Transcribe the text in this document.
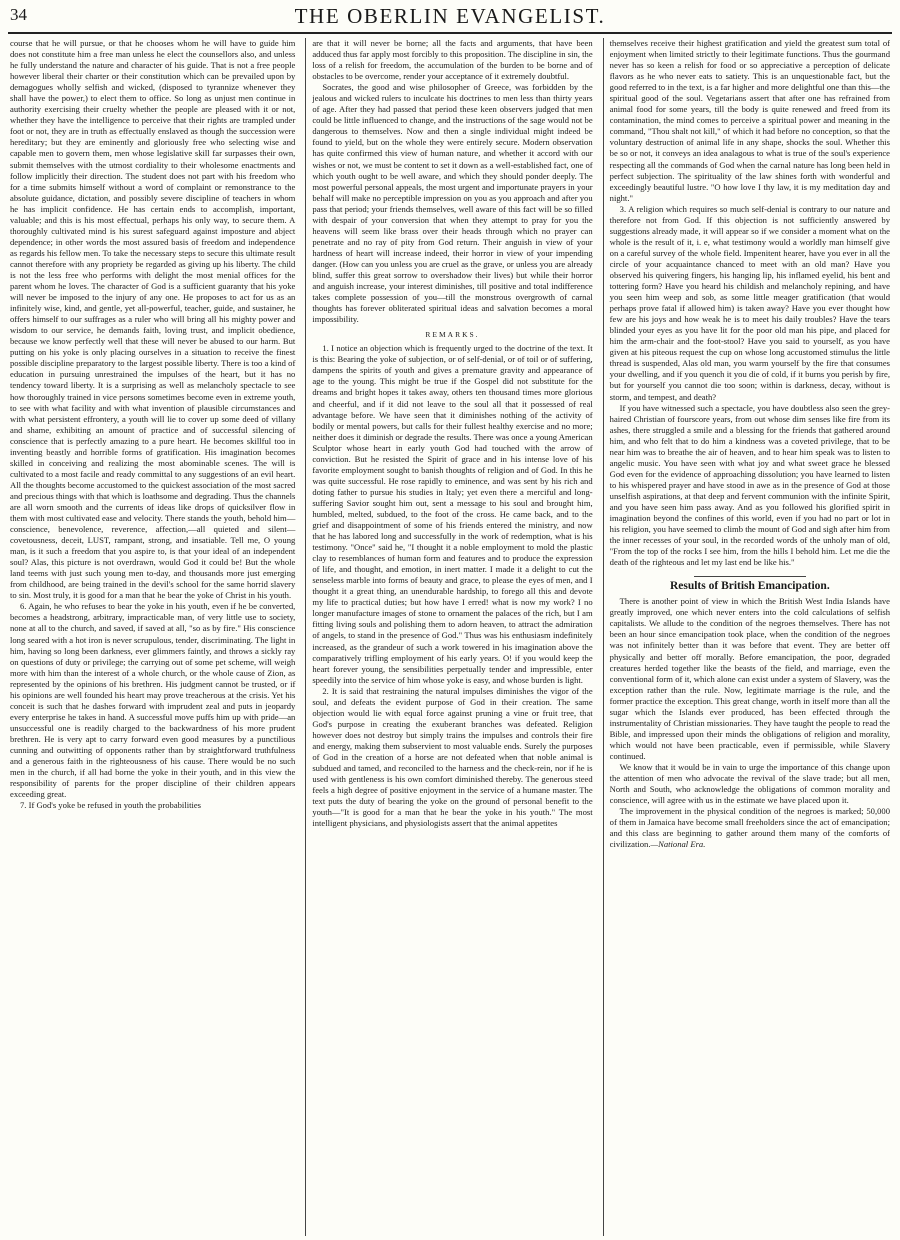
34	THE OBERLIN EVANGELIST.

course that he will pursue, or that he chooses whom he will have to guide him does not constitute him a free man unless he elect the counsellors also, and unless he fully understand the nature and character of his guide. That is not a free people however liberal their charter or their constitution which can be prevailed upon by demagogues wholly selfish and wicked, (disposed to tyrannize whenever they shall have the power,) to elect them to office. So long as unjust men continue in authority exercising their cruelty whether the people are pleased with it or not, whether they have the intelligence to perceive that their rights are trampled under foot or not, they are in truth as effectually enslaved as though the succession were hereditary; but they are eminently and gloriously free who selecting wise and capable men to govern them, men whose legislative skill far surpasses their own, submit themselves with the utmost cordiality to their wholesome enactments and follow implicitly their direction. The student does not part with his freedom who for a time submits himself without a word of complaint or remonstrance to the absolute guidance, dictation, and possibly severe discipline of teachers in whom he has implicit confidence. He has certain ends to accomplish, important, valuable; and this is his most effectual, perhaps his only way, to secure them. A thoroughly cultivated mind is his surest safeguard against imposture and abject dependence; in other words the most assured basis of freedom and independence as regards his fellow men. To take the necessary steps to secure this ultimate result cannot therefore with any propriety be regarded as giving up his liberty. The child is not the less free who performs with delight the most menial offices for the parent whom he loves. The character of God is a sufficient guaranty that his yoke will never be imposed to the injury of any one. He proposes to act for us as an infinitely wise, kind, and gentle, yet all-powerful, teacher, guide, and sustainer, he offers himself to our suffrages as a ruler who will bring all his mighty power and wisdom to our service, he demands faith, loving trust, and implicit obedience, because we know perfectly well that these will never be abused to our harm. But putting on his yoke is only placing ourselves in a situation to receive the finest possible discipline preparatory to the largest possible liberty. There is too a kind of education in pursuing unrestrained the impulses of the heart, but it has no tendency toward liberty. It is a surprising as well as melancholy spectacle to see how thoroughly trained in vice persons sometimes become even in extreme youth, to see with what facility and with what invention of plausible circumstances and with what persistent effrontery, a youth will lie to cover up some deed of villany and shame, exhibiting an amount of practice and of successful silencing of conscience that is perfectly amazing to a pure heart. He becomes skillful too in inventing beastly and horrible forms of gratification. His imagination becomes skilled in conceiving and realizing the most abominable scenes. The will is cultivated to a most facile and ready committal to any suggestions of an evil heart. All the thoughts become accustomed to the quickest association of the most sacred and precious things with that which is loathsome and degrading. Thus the channels are all worn smooth and the currents of ideas like drops of quicksilver flow in them with most cultivated ease and velocity. There stands the youth, behold him—conscience, benevolence, reverence, affection,—all quieted and silent—covetousness, deceit, LUST, rampant, strong, and insatiable. Tell me, O young man, is it such a freedom that you aspire to, is that your ideal of an independent soul? Alas, this picture is not overdrawn, would God it could be! But the whole land teems with just such young men to-day, and thousands more just emerging from childhood, are being trained in the devil's school for the same horrid slavery to sin. Most truly, it is good for a man that he bear the yoke of Christ in his youth.

6. Again, he who refuses to bear the yoke in his youth, even if he be converted, becomes a headstrong, arbitrary, impracticable man, of very little use to society, none at all to the church, and saved, if saved at all, "so as by fire." His conscience long seared with a hot iron is never scrupulous, tender, discriminating. The light in him, having so long been darkness, ever glimmers faintly, and throws a sickly ray on questions of duty or privilege; the carrying out of some pet scheme, will weigh more with him than the interest of a whole church, or the whole cause of Zion, as represented by the opinions of his brethren. His judgment cannot be trusted, or if his opinions are well founded his heart may prove treacherous at the crisis. Yet his conceit is such that he dashes forward with imprudent zeal and puts in jeopardy every enterprise he takes in hand. A successful move puffs him up with pride—an unsuccessful one is readily charged to the backwardness of his more prudent brethren. He is very apt to carry forward even good measures by a punctilious cunning and outwitting of opponents rather than by straightforward truthfulness and a generous faith in the righteousness of his cause. There would be no such men in the church, if all had borne the yoke in their youth, and in this view the responsibility of parents for the proper discipline of their children appears exceeding great.

7. If God's yoke be refused in youth the probabilities

are that it will never be borne; all the facts and arguments, that have been adduced thus far apply most forcibly to this proposition. The discipline in sin, the loss of a relish for freedom, the accumulation of the burden to be borne and of obstacles to be overcome, render your acceptance of it extremely doubtful.

Socrates, the good and wise philosopher of Greece, was forbidden by the jealous and wicked rulers to inculcate his doctrines to men less than thirty years of age. After they had passed that period these keen observers judged that men could be little influenced to change, and the instructions of the sage would not be dangerous to themselves. Now and then a single individual might indeed be found to yield, but on the whole they were entirely secure. Modern observation has quite confirmed this view of human nature, and whether it accord with our wishes or not, we must be content to set it down as a well-established fact, one of which youth ought to be well aware, and which they should ponder deeply. The most powerful personal appeals, the most urgent and importunate prayers in your behalf will make no perceptible impression on you as you approach and after you pass that period; your friends themselves, well aware of this fact will be so filled with despair of your conversion that when they attempt to pray for you the heavens will seem like brass over their heads through which no prayer can penetrate and no ray of pity from God return. Their anguish in view of your hardness of heart will increase indeed, their horror in view of your impending danger. (How can you unless you are cruel as the grave, or unless you are already blind, suffer this great sorrow to overshadow their lives) but while their horror and anguish increase, your interest diminishes, till positive and total indifference takes complete possession of you—till the monstrous overgrowth of carnal thoughts has forever obliterated spiritual ideas and salvation becomes a moral impossibility.

REMARKS.

1. I notice an objection which is frequently urged to the doctrine of the text. It is this: Bearing the yoke of subjection, or of self-denial, or of toil or of suffering, dampens the spirits of youth and gives a premature gravity and appearance of age to the young. This might be true if the Gospel did not substitute for the dreams and bright hopes it takes away, others ten thousand times more glorious and cheerful, and if it did not leave to the soul all that it possessed of real advantage before. We have seen that it diminishes nothing of the activity of bodily or mental powers, but calls for their fullest healthy exercise and no more; neither does it diminish or degrade the results. There was once a young American Sculptor whose heart in early youth God had touched with the arrow of conviction. But he resisted the Spirit of grace and in his intense love of his favorite employment sought to banish thoughts of religion and of God. In this he was quite successful. He rose rapidly to eminence, and was sent by his rich and doting father to pursue his studies in Italy; yet even there a merciful and long-suffering Savior sought him out, sent a message to his soul and brought him, humbled, melted, subdued, to the foot of the cross. He came back, and to the grief and disappointment of some of his friends entered the ministry, and now that he has labored long and successfully in the work of redemption, what is his testimony. "Once" said he, "I thought it a noble employment to mold the plastic clay to resemblances of human form and features and to produce the expression of life, and thought, and emotion, in inert matter. I made it a delight to cut the senseless marble into forms of beauty and grace, to please the eyes of men, and I thought it a great thing, an unendurable hardship, to forego all this and devote my life to practical duties; but how have I erred! what is now my work? I no longer manufacture images of stone to ornament the palaces of the rich, but I am fitting living souls and polishing them to adorn heaven, to attract the admiration of angels, to stand in the presence of God." Thus was his enthusiasm indefinitely increased, as the grandeur of such a work towered in his imagination above the comparatively trifling employment of his early years. O! if you would keep the heart forever young, the sensibilities perpetually tender and impressible, enter speedily into the service of him whose yoke is easy, and whose burden is light.

2. It is said that restraining the natural impulses diminishes the vigor of the soul, and defeats the evident purpose of God in their creation. The same objection would lie with equal force against pruning a vine or fruit tree, that God's purpose in creating the exuberant branches was defeated. Religion however does not destroy but simply trains the impulses and controls their fire and energy, making them subservient to most valuable ends. Surely the purposes of God in the creation of a horse are not defeated when that noble animal is subdued and tamed, and reconciled to the harness and the check-rein, nor if he is used with gentleness is his own comfort diminished thereby. The generous steed feels a high degree of positive enjoyment in the service of a humane master. The text puts the duty of bearing the yoke on the ground of personal benefit to the youth—"It is good for a man that he bear the yoke in his youth." The most intelligent physicians, and physiologists assert that the animal appetites

themselves receive their highest gratification and yield the greatest sum total of enjoyment when limited strictly to their legitimate functions. Thus the gourmand never has so keen a relish for food or so appreciative a perception of delicate flavors as he who never eats to satiety. This is an unquestionable fact, but the good referred to in the text, is a far higher and more delightful one than this—the spiritual good of the soul. Vegetarians assert that after one has refrained from animal food for some years, till the body is quite renewed and freed from its contamination, the mind comes to perceive a spiritual power and meaning in the command, "Thou shalt not kill," of which it had before no conception, so that the voluntary destruction of animal life in any shape, shocks the soul. Whether this be so or not, it conveys an idea analagous to what is true of the soul's experience respecting all the commands of God when the carnal nature has long been held in perfect subjection. The spirituality of the law shines forth with wonderful and exceedingly beautiful lustre. "O how love I thy law, it is my meditation day and night."

3. A religion which requires so much self-denial is contrary to our nature and therefore not from God. If this objection is not sufficiently answered by suggestions already made, it will appear so if we consider a moment what on the whole is the result of it, i. e, what testimony would a worldly man himself give on a careful survey of the whole field. Impenitent hearer, have you ever in all the circle of your acquaintance chanced to meet with an old man? Have you observed his quivering fingers, his hanging lip, his inflamed eyelid, his bent and tottering form? Have you heard his childish and melancholy repining, and have you seen him weep and sob, as some little meager gratification (that would perhaps prove fatal if allowed him) is taken away? Have you ever thought how few are his joys and how weak he is to meet his daily troubles? Have the tears blinded your eyes as you have lit for the poor old man his pipe, and placed for him the arm-chair and the foot-stool? Have you said to yourself, as you have given at his piteous request the cup on whose long accustomed stimulus the little thread is suspended, Alas old man, you warm yourself by the fire that consumes your dwelling, and if you quench it you die of cold, if it burns you perish by fire, but for yourself you cannot die too soon; within is darkness, decay, without is storm, and tempest, and death?

If you have witnessed such a spectacle, you have doubtless also seen the grey-haired Christian of fourscore years, from out whose dim senses like fire from its ashes, there struggled a smile and a blessing for the friends that gathered around him, and who felt that to do him a kindness was a coveted privilege, that to be near him was to breathe the air of heaven, and to hear him speak was to listen to angelic music. You have seen with what joy and what sweet grace he blessed God even for the evidence of approaching dissolution; you have learned to listen to his whispered prayer and have stood in awe as in the presence of God at those unselfish aspirations, at that deep and fervent communion with the infinite Spirit, and you have seen him pass away. And as you followed his glorified spirit in imagination beyond the confines of this world, even if you had no part or lot in his religion, you have seemed to climb the mount of God and sigh after him from the inner recesses of your soul, in the recorded words of the unholy man of old, "From the top of the rocks I see him, from the hills I behold him. Let me die the death of the righteous and let my last end be like his."

Results of British Emancipation.

There is another point of view in which the British West India Islands have greatly improved, one which never enters into the cold calculations of selfish capitalists. We allude to the condition of the negroes themselves. There has not been an hour since emancipation took place, when the condition of the negroes was not infinitely better than it was before that event. They are better off physically and better off morally. Before emancipation, the poor, degraded creatures herded together like the beasts of the field, and marriage, even the conventional form of it, which alone can exist under a system of Slavery, was the exception rather than the rule. Now, legitimate marriage is the rule, and the former practice the exception. This great change, worth in itself more than all the sugar which the Islands ever produced, has been effected through the instrumentality of Christian missionaries. They have taught the people to read the Bible, and impressed upon their minds the obligations of religion and morality, which would not have been practicable, even if permissible, while Slavery continued.

We know that it would be in vain to urge the importance of this change upon the attention of men who advocate the revival of the slave trade; but all men, North and South, who acknowledge the obligations of common morality and conscience, will agree with us in the estimate we have placed upon it.

The improvement in the physical condition of the negroes is marked; 50,000 of them in Jamaica have become small freeholders since the act of emancipation; and this class are beginning to gather around them many of the comforts of civilization.—National Era.
